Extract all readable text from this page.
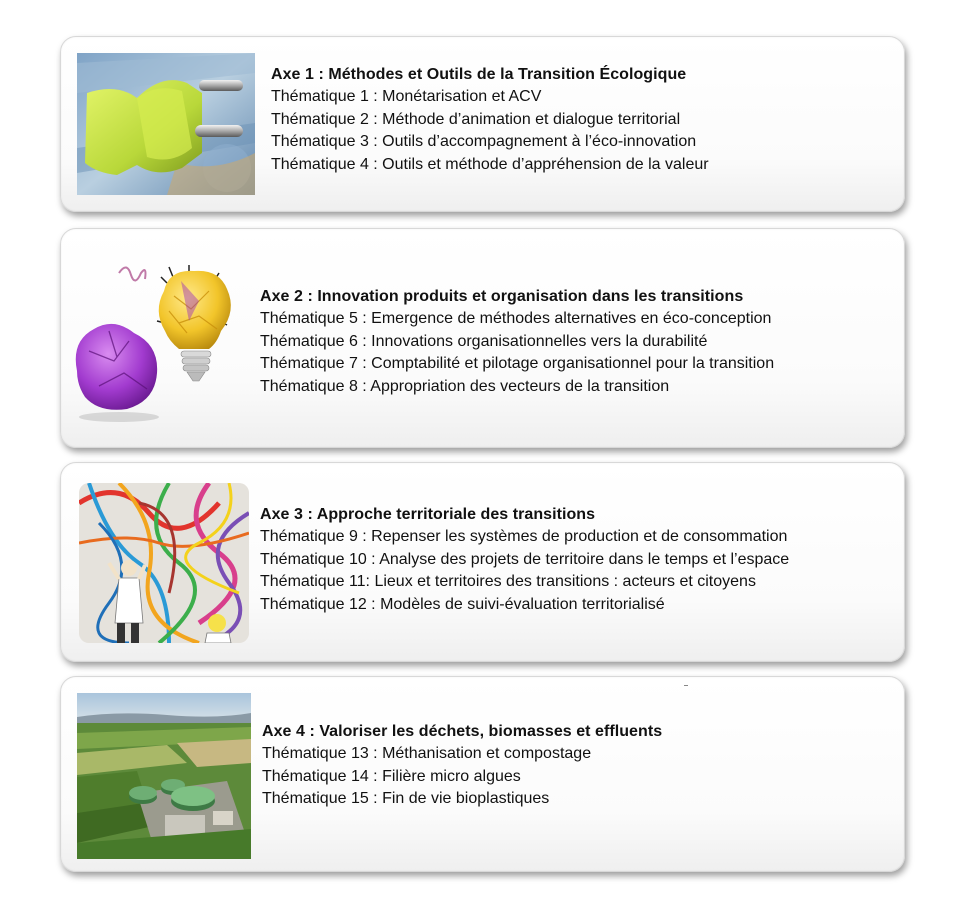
Axe 1 : Méthodes et Outils de la Transition Écologique
Thématique 1 : Monétarisation et ACV
Thématique 2 : Méthode d’animation et dialogue territorial
Thématique 3 : Outils d’accompagnement à l’éco-innovation
Thématique 4 : Outils et méthode d’appréhension de la valeur
Axe 2 : Innovation produits et organisation dans les transitions
Thématique 5 : Emergence de méthodes alternatives en éco-conception
Thématique 6 : Innovations organisationnelles vers la durabilité
Thématique 7 : Comptabilité et pilotage organisationnel pour la transition
Thématique 8 : Appropriation des vecteurs de la transition
Axe 3 : Approche territoriale des transitions
Thématique 9 : Repenser les systèmes de production et de consommation
Thématique 10 : Analyse des projets de territoire dans le temps et l’espace
Thématique 11: Lieux et territoires des transitions : acteurs et citoyens
Thématique 12 : Modèles de suivi-évaluation territorialisé
Axe 4 : Valoriser les déchets, biomasses et effluents
Thématique 13 : Méthanisation et compostage
Thématique 14 : Filière micro algues
Thématique 15 : Fin de vie bioplastiques
